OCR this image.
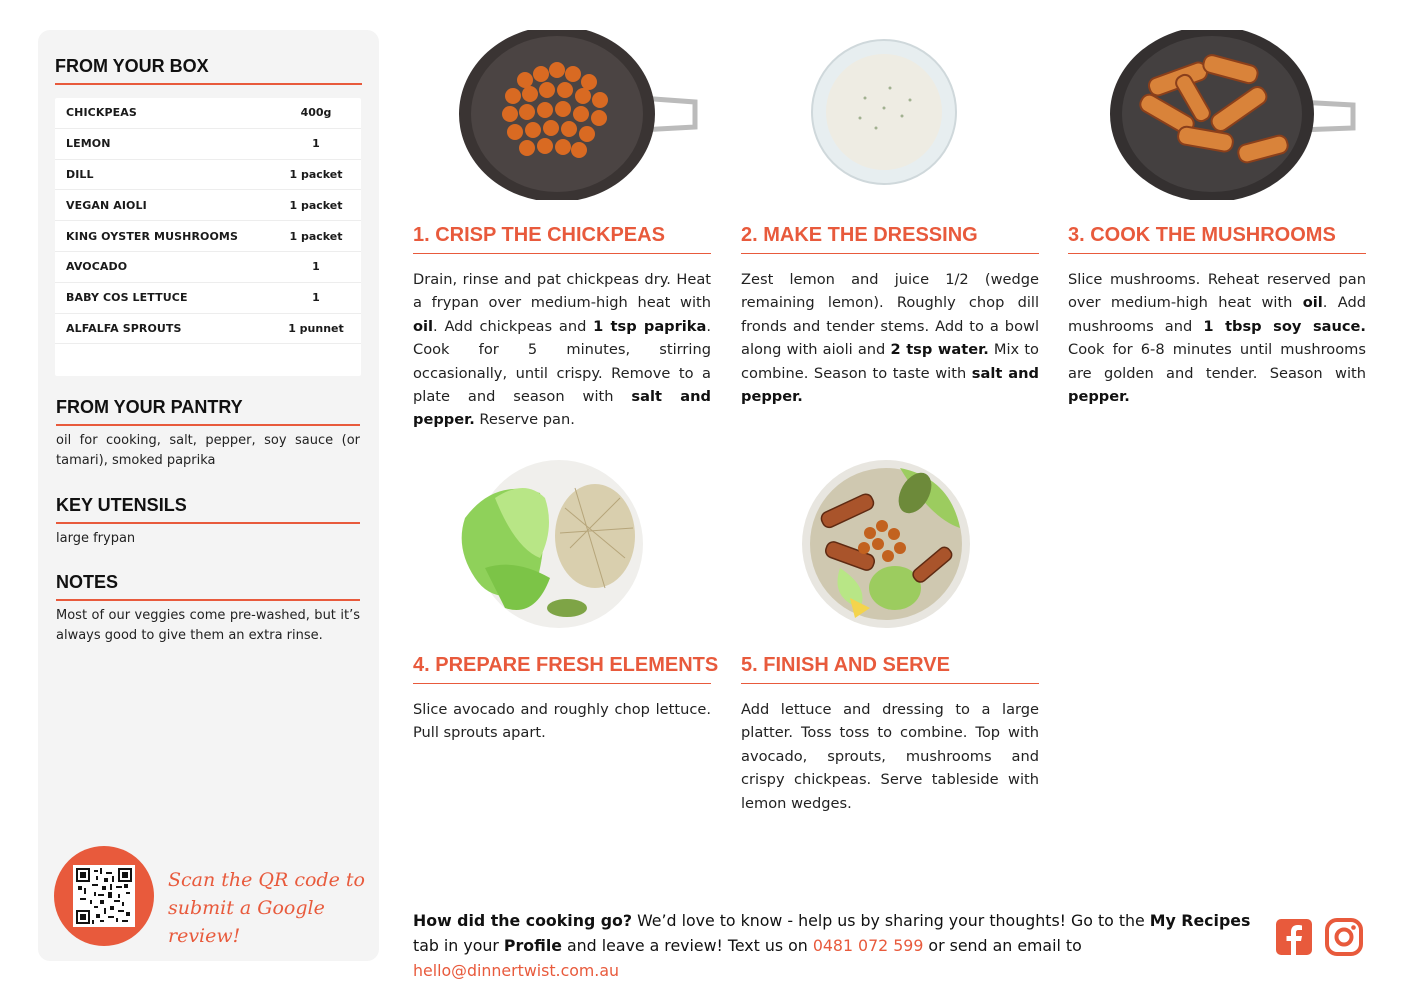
FROM YOUR BOX
CHICKPEAS	400g
LEMON	1
DILL	1 packet
VEGAN AIOLI	1 packet
KING OYSTER MUSHROOMS	1 packet
AVOCADO	1
BABY COS LETTUCE	1
ALFALFA SPROUTS	1 punnet
FROM YOUR PANTRY
oil for cooking, salt, pepper, soy sauce (or tamari), smoked paprika
KEY UTENSILS
large frypan
NOTES
Most of our veggies come pre-washed, but it’s always good to give them an extra rinse.
Scan the QR code to
submit a Google review!
1. CRISP THE CHICKPEAS
Drain, rinse and pat chickpeas dry. Heat a frypan over medium-high heat with oil. Add chickpeas and 1 tsp paprika. Cook for 5 minutes, stirring occasionally, until crispy. Remove to a plate and season with salt and pepper. Reserve pan.
2. MAKE THE DRESSING
Zest lemon and juice 1/2 (wedge remaining lemon). Roughly chop dill fronds and tender stems. Add to a bowl along with aioli and 2 tsp water. Mix to combine. Season to taste with salt and pepper.
3. COOK THE MUSHROOMS
Slice mushrooms. Reheat reserved pan over medium-high heat with oil. Add mushrooms and 1 tbsp soy sauce. Cook for 6-8 minutes until mushrooms are golden and tender. Season with pepper.
4. PREPARE FRESH ELEMENTS
Slice avocado and roughly chop lettuce. Pull sprouts apart.
5. FINISH AND SERVE
Add lettuce and dressing to a large platter. Toss toss to combine. Top with avocado, sprouts, mushrooms and crispy chickpeas. Serve tableside with lemon wedges.
How did the cooking go? We’d love to know - help us by sharing your thoughts! Go to the My Recipes tab in your Profile and leave a review! Text us on 0481 072 599 or send an email to hello@dinnertwist.com.au
